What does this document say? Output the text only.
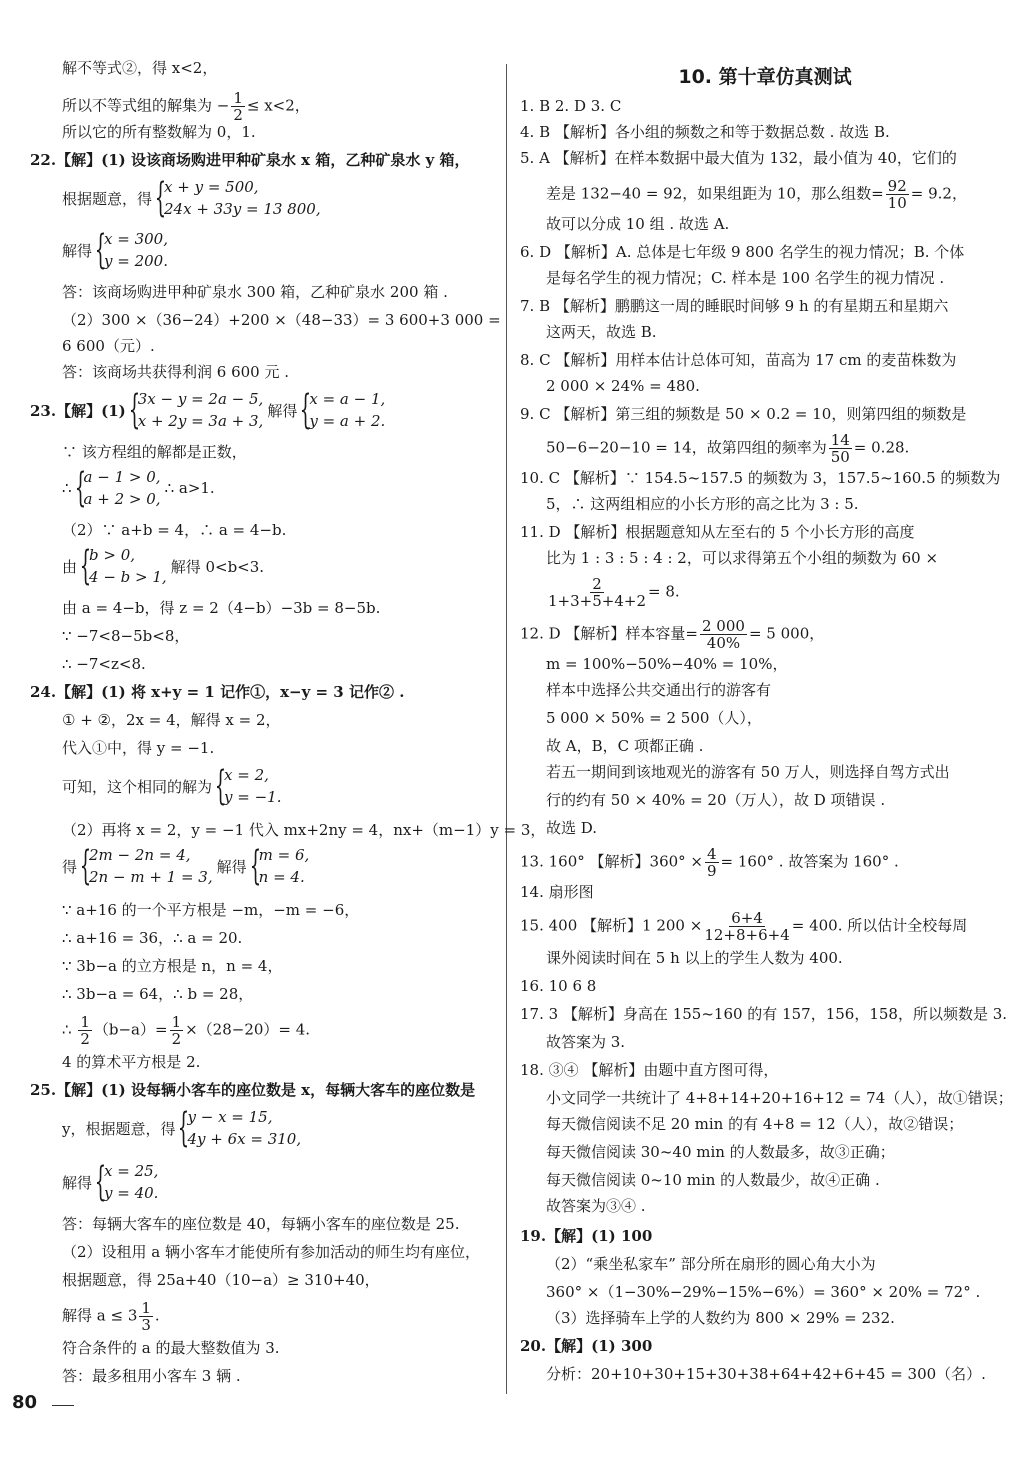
解不等式②，得 x<2，
所以不等式组的解集为 − $\frac{1}{2} \le x<2$，
所以它的所有整数解为 0，1.
22.【解】(1) 设该商场购进甲种矿泉水 x 箱，乙种矿泉水 y 箱，
根据题意，得 {
x + y = 500,
24x + 33y = 13 800,
解得 {
x = 300,
y = 200.
答：该商场购进甲种矿泉水 300 箱，乙种矿泉水 200 箱 .
（2）300 ×（36−24）+200 ×（48−33）= 3 600+3 000 =
6 600（元）.
答：该商场共获得利润 6 600 元 .
23.【解】(1) {
3x − y = 2a − 5,
x + 2y = 3a + 3,
解得 {
x = a − 1,
y = a + 2.
∵ 该方程组的解都是正数，
∴ {
a − 1 > 0,
a + 2 > 0,
∴ a>1.
（2）∵ a+b = 4，∴ a = 4−b.
由 {
b > 0,
4 − b > 1,
解得 0<b<3.
由 a = 4−b，得 z = 2（4−b）−3b = 8−5b.
∵ −7<8−5b<8，
∴ −7<z<8.
24.【解】(1) 将 x+y = 1 记作①，x−y = 3 记作② .
① + ②，2x = 4，解得 x = 2，
代入①中，得 y = −1.
可知，这个相同的解为 {
x = 2,
y = −1.
（2）再将 x = 2，y = −1 代入 mx+2ny = 4，nx+（m−1）y = 3，
得 {
2m − 2n = 4,
2n − m + 1 = 3,
解得 {
m = 6,
n = 4.
∵ a+16 的一个平方根是 −m，−m = −6，
∴ a+16 = 36，∴ a = 20.
∵ 3b−a 的立方根是 n，n = 4，
∴ 3b−a = 64，∴ b = 28，
∴ $\frac{1}{2} (b-a)= \frac{1}{2} \times(28-20)= 4$.
4 的算术平方根是 2.
25.【解】(1) 设每辆小客车的座位数是 x，每辆大客车的座位数是
y，根据题意，得 {
y − x = 15,
4y + 6x = 310,
解得 {
x = 25,
y = 40.
答：每辆大客车的座位数是 40，每辆小客车的座位数是 25.
（2）设租用 a 辆小客车才能使所有参加活动的师生均有座位，
根据题意，得 25a+40（10−a）≥ 310+40，
解得 $a \le 3 \frac{1}{3}$ .
符合条件的 a 的最大整数值为 3.
答：最多租用小客车 3 辆 .
10. 第十章仿真测试
1. B 2. D 3. C
4. B 【解析】各小组的频数之和等于数据总数 . 故选 B.
5. A 【解析】在样本数据中最大值为 132，最小值为 40，它们的
差是 132−40 = 92，如果组距为 10，那么组数= $\frac{92}{10} = 9.2$，
故可以分成 10 组 . 故选 A.
6. D 【解析】A. 总体是七年级 9 800 名学生的视力情况；B. 个体
是每名学生的视力情况；C. 样本是 100 名学生的视力情况 .
7. B 【解析】鹏鹏这一周的睡眠时间够 9 h 的有星期五和星期六
这两天，故选 B.
8. C 【解析】用样本估计总体可知，苗高为 17 cm 的麦苗株数为
2 000 × 24% = 480.
9. C 【解析】第三组的频数是 50 × 0.2 = 10，则第四组的频数是
50−6−20−10 = 14，故第四组的频率为 $\frac{14}{50} = 0.28$.
10. C 【解析】∵ 154.5~157.5 的频数为 3，157.5~160.5 的频数为
5，∴ 这两组相应的小长方形的高之比为 3 : 5.
11. D 【解析】根据题意知从左至右的 5 个小长方形的高度
比为 1 : 3 : 5 : 4 : 2，可以求得第五个小组的频数为 60 ×
$\frac{2}{1+3+5+4+2} = 8$.
12. D 【解析】样本容量= $\frac{2 000}{40\%} = 5$ 000，
m = 100%−50%−40% = 10%，
样本中选择公共交通出行的游客有
5 000 × 50% = 2 500（人），
故 A，B，C 项都正确 .
若五一期间到该地观光的游客有 50 万人，则选择自驾方式出
行的约有 50 × 40% = 20（万人），故 D 项错误 .
故选 D.
13. 160° 【解析】$360^\circ \times \frac{4}{9} = 160^\circ$ . 故答案为 160° .
14. 扇形图
15. 400 【解析】1 $200 \times \frac{6+4}{12+8+6+4} = 400$. 所以估计全校每周
课外阅读时间在 5 h 以上的学生人数为 400.
16. 10 6 8
17. 3 【解析】身高在 155~160 的有 157，156，158，所以频数是 3.
故答案为 3.
18. ③④ 【解析】由题中直方图可得，
小文同学一共统计了 4+8+14+20+16+12 = 74（人），故①错误；
每天微信阅读不足 20 min 的有 4+8 = 12（人），故②错误；
每天微信阅读 30~40 min 的人数最多，故③正确；
每天微信阅读 0~10 min 的人数最少，故④正确 .
故答案为③④ .
19.【解】(1) 100
（2）“乘坐私家车” 部分所在扇形的圆心角大小为
360° ×（1−30%−29%−15%−6%）= 360° × 20% = 72° .
（3）选择骑车上学的人数约为 800 × 29% = 232.
20.【解】(1) 300
分析：20+10+30+15+30+38+64+42+6+45 = 300（名）.
80
